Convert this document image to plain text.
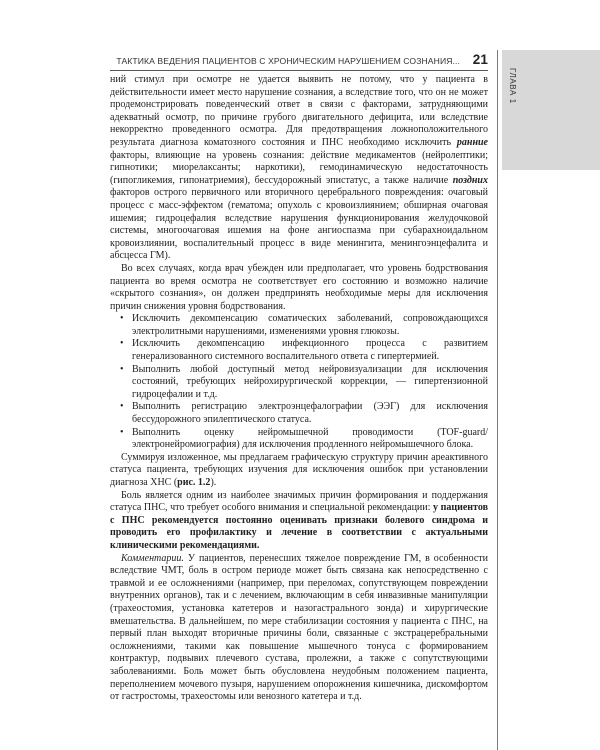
ТАКТИКА ВЕДЕНИЯ ПАЦИЕНТОВ С ХРОНИЧЕСКИМ НАРУШЕНИЕМ СОЗНАНИЯ... 21
ГЛАВА 1

ний стимул при осмотре не удается выявить не потому, что у пациента в действительности имеет место нарушение сознания, а вследствие того, что он не может продемонстрировать поведенческий ответ в связи с факторами, затрудняющими адекватный осмотр, по причине грубого двигательного дефицита, или вследствие некорректно проведенного осмотра. Для предотвращения ложноположительного результата диагноза коматозного состояния и ПНС необходимо исключить ранние факторы, влияющие на уровень сознания: действие медикаментов (нейролептики; гипнотики; миорелаксанты; наркотики), гемодинамическую недостаточность (гипогликемия, гипонатриемия), бессудорожный эпистатус, а также наличие поздних факторов острого первичного или вторичного церебрального повреждения: очаговый процесс с масс-эффектом (гематома; опухоль с кровоизлиянием; обширная очаговая ишемия; гидроцефалия вследствие нарушения функционирования желудочковой системы, многоочаговая ишемия на фоне ангиоспазма при субарахноидальном кровоизлиянии, воспалительный процесс в виде менингита, менингоэнцефалита и абсцесса ГМ).

Во всех случаях, когда врач убежден или предполагает, что уровень бодрствования пациента во время осмотра не соответствует его состоянию и возможно наличие «скрытого сознания», он должен предпринять необходимые меры для исключения причин снижения уровня бодрствования.

• Исключить декомпенсацию соматических заболеваний, сопровождающихся электролитными нарушениями, изменениями уровня глюкозы.
• Исключить декомпенсацию инфекционного процесса с развитием генерализованного системного воспалительного ответа с гипертермией.
• Выполнить любой доступный метод нейровизуализации для исключения состояний, требующих нейрохирургической коррекции, — гипертензионной гидроцефалии и т.д.
• Выполнить регистрацию электроэнцефалографии (ЭЭГ) для исключения бессудорожного эпилептического статуса.
• Выполнить оценку нейромышечной проводимости (TOF-guard/электронейромиография) для исключения продленного нейромышечного блока.

Суммируя изложенное, мы предлагаем графическую структуру причин ареактивного статуса пациента, требующих изучения для исключения ошибок при установлении диагноза ХНС (рис. 1.2).

Боль является одним из наиболее значимых причин формирования и поддержания статуса ПНС, что требует особого внимания и специальной рекомендации: у пациентов с ПНС рекомендуется постоянно оценивать признаки болевого синдрома и проводить его профилактику и лечение в соответствии с актуальными клиническими рекомендациями.

Комментарии. У пациентов, перенесших тяжелое повреждение ГМ, в особенности вследствие ЧМТ, боль в остром периоде может быть связана как непосредственно с травмой и ее осложнениями (например, при переломах, сопутствующем повреждении внутренних органов), так и с лечением, включающим в себя инвазивные манипуляции (трахеостомия, установка катетеров и назогастрального зонда) и хирургические вмешательства. В дальнейшем, по мере стабилизации состояния у пациента с ПНС, на первый план выходят вторичные причины боли, связанные с экстрацеребральными осложнениями, такими как повышение мышечного тонуса с формированием контрактур, подвывих плечевого сустава, пролежни, а также с сопутствующими заболеваниями. Боль может быть обусловлена неудобным положением пациента, переполнением мочевого пузыря, нарушением опорожнения кишечника, дискомфортом от гастростомы, трахеостомы или венозного катетера и т.д.
